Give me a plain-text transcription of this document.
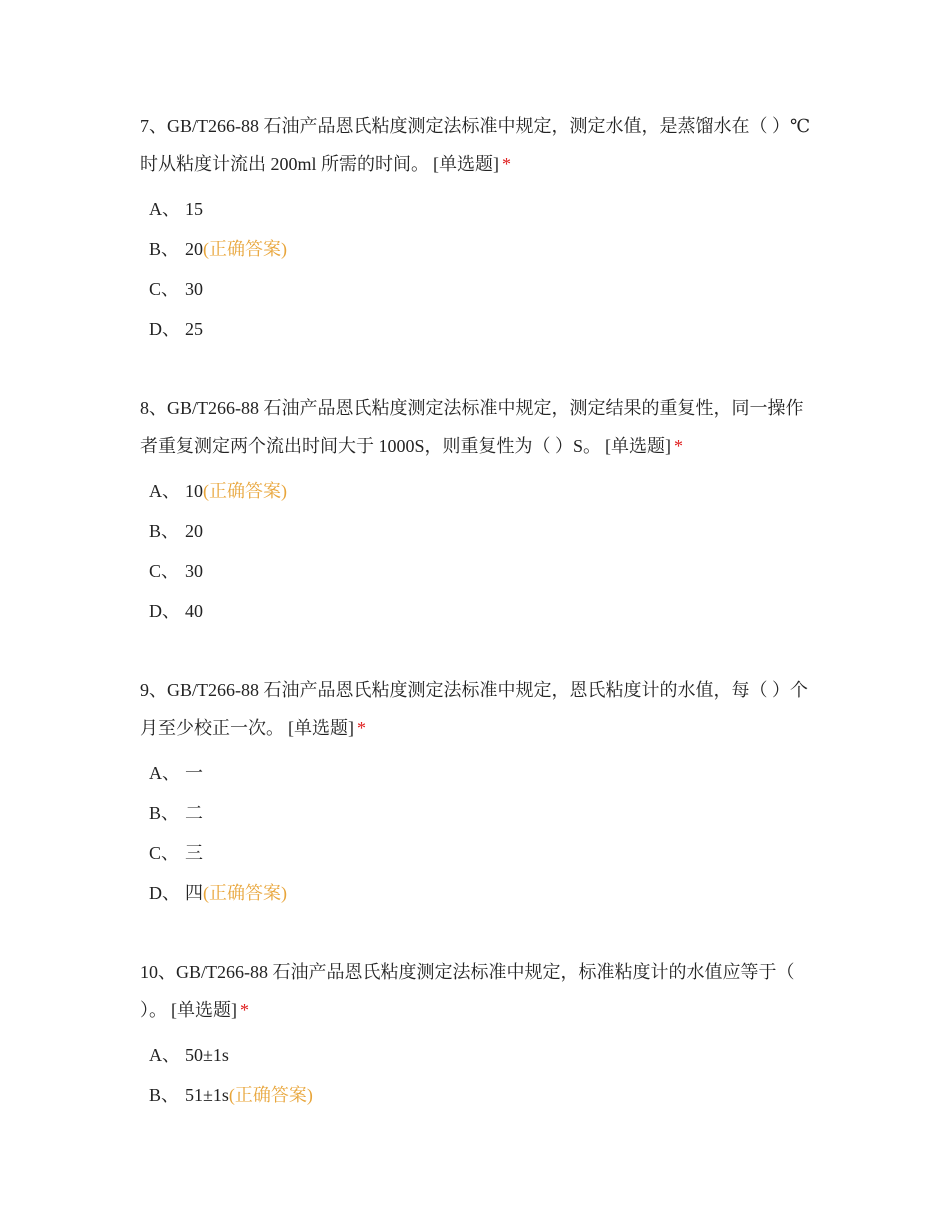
7、GB/T266-88 石油产品恩氏粘度测定法标准中规定，测定水值，是蒸馏水在（ ）℃时从粘度计流出 200ml 所需的时间。 [单选题] *

A、 15
B、 20(正确答案)
C、 30
D、 25

8、GB/T266-88 石油产品恩氏粘度测定法标准中规定，测定结果的重复性，同一操作者重复测定两个流出时间大于 1000S，则重复性为（ ）S。 [单选题] *

A、 10(正确答案)
B、 20
C、 30
D、 40

9、GB/T266-88 石油产品恩氏粘度测定法标准中规定，恩氏粘度计的水值，每（ ）个月至少校正一次。 [单选题] *

A、 一
B、 二
C、 三
D、 四(正确答案)

10、GB/T266-88 石油产品恩氏粘度测定法标准中规定，标准粘度计的水值应等于（ ）。 [单选题] *

A、 50±1s
B、 51±1s(正确答案)
